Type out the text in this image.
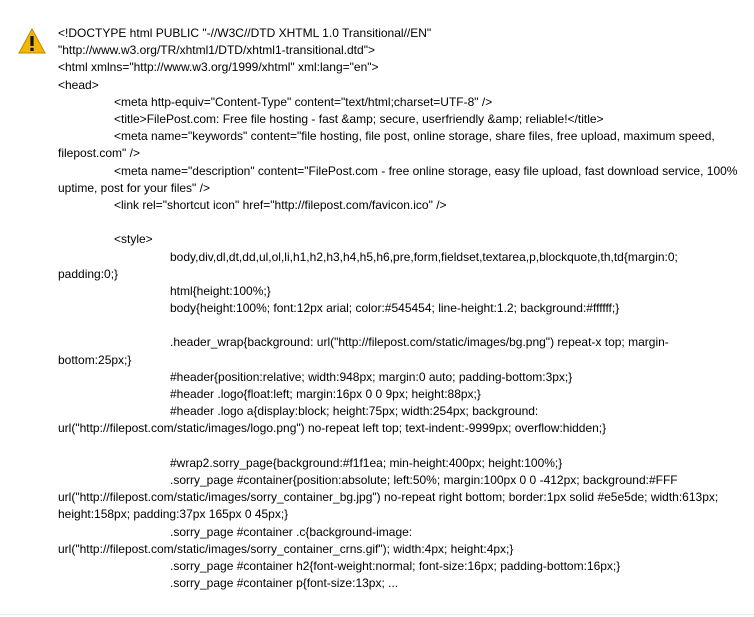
<!DOCTYPE html PUBLIC "-//W3C//DTD XHTML 1.0 Transitional//EN"
"http://www.w3.org/TR/xhtml1/DTD/xhtml1-transitional.dtd">
<html xmlns="http://www.w3.org/1999/xhtml" xml:lang="en">
<head>
<meta http-equiv="Content-Type" content="text/html;charset=UTF-8" />
<title>FilePost.com: Free file hosting - fast &amp; secure, userfriendly &amp; reliable!</title>
<meta name="keywords" content="file hosting, file post, online storage, share files, free upload, maximum speed, filepost.com" />
<meta name="description" content="FilePost.com - free online storage, easy file upload, fast download service, 100% uptime, post for your files" />
<link rel="shortcut icon" href="http://filepost.com/favicon.ico" />
<style>
body,div,dl,dt,dd,ul,ol,li,h1,h2,h3,h4,h5,h6,pre,form,fieldset,textarea,p,blockquote,th,td{margin:0; padding:0;}
html{height:100%;}
body{height:100%; font:12px arial; color:#545454; line-height:1.2; background:#ffffff;}
.header_wrap{background: url("http://filepost.com/static/images/bg.png") repeat-x top; margin-bottom:25px;}
#header{position:relative; width:948px; margin:0 auto; padding-bottom:3px;}
#header .logo{float:left; margin:16px 0 0 9px; height:88px;}
#header .logo a{display:block; height:75px; width:254px; background: url("http://filepost.com/static/images/logo.png") no-repeat left top; text-indent:-9999px; overflow:hidden;}
#wrap2.sorry_page{background:#f1f1ea; min-height:400px; height:100%;}
.sorry_page #container{position:absolute; left:50%; margin:100px 0 0 -412px; background:#FFF url("http://filepost.com/static/images/sorry_container_bg.jpg") no-repeat right bottom; border:1px solid #e5e5de; width:613px; height:158px; padding:37px 165px 0 45px;}
.sorry_page #container .c{background-image: url("http://filepost.com/static/images/sorry_container_crns.gif"); width:4px; height:4px;}
.sorry_page #container h2{font-weight:normal; font-size:16px; padding-bottom:16px;}
.sorry_page #container p{font-size:13px; ...
